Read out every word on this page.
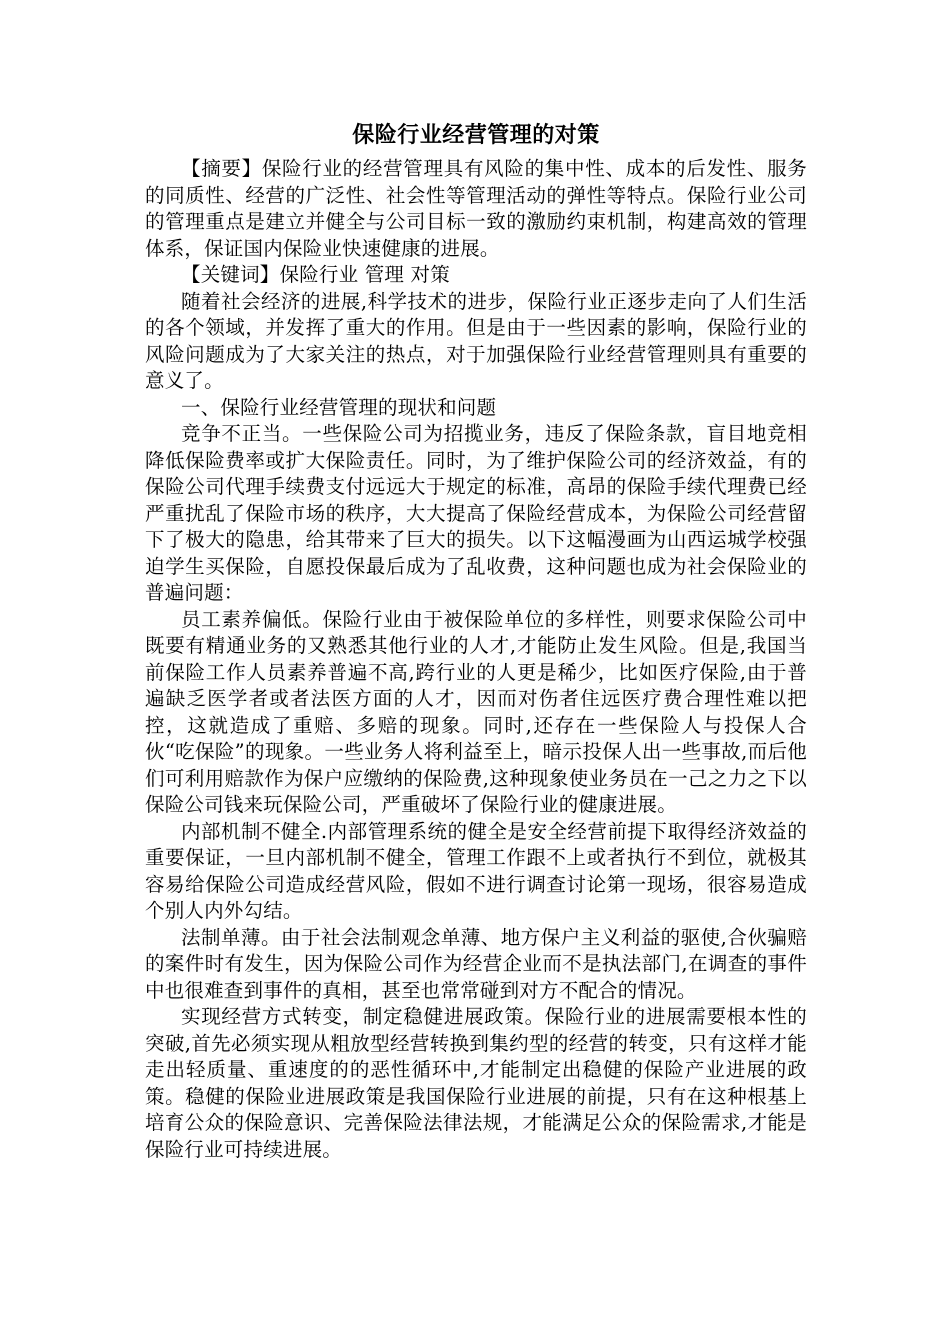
保险行业经营管理的对策

【摘要】保险行业的经营管理具有风险的集中性、成本的后发性、服务的同质性、经营的广泛性、社会性等管理活动的弹性等特点。保险行业公司的管理重点是建立并健全与公司目标一致的激励约束机制，构建高效的管理体系，保证国内保险业快速健康的进展。

【关键词】保险行业 管理 对策

随着社会经济的进展,科学技术的进步，保险行业正逐步走向了人们生活的各个领域，并发挥了重大的作用。但是由于一些因素的影响，保险行业的风险问题成为了大家关注的热点，对于加强保险行业经营管理则具有重要的意义了。

一、保险行业经营管理的现状和问题

竞争不正当。一些保险公司为招揽业务，违反了保险条款，盲目地竞相降低保险费率或扩大保险责任。同时，为了维护保险公司的经济效益，有的保险公司代理手续费支付远远大于规定的标准，高昂的保险手续代理费已经严重扰乱了保险市场的秩序，大大提高了保险经营成本，为保险公司经营留下了极大的隐患，给其带来了巨大的损失。以下这幅漫画为山西运城学校强迫学生买保险，自愿投保最后成为了乱收费，这种问题也成为社会保险业的普遍问题：

员工素养偏低。保险行业由于被保险单位的多样性，则要求保险公司中既要有精通业务的又熟悉其他行业的人才,才能防止发生风险。但是,我国当前保险工作人员素养普遍不高,跨行业的人更是稀少，比如医疗保险,由于普遍缺乏医学者或者法医方面的人才，因而对伤者住远医疗费合理性难以把控，这就造成了重赔、多赔的现象。同时,还存在一些保险人与投保人合伙“吃保险”的现象。一些业务人将利益至上，暗示投保人出一些事故,而后他们可利用赔款作为保户应缴纳的保险费,这种现象使业务员在一己之力之下以保险公司钱来玩保险公司，严重破坏了保险行业的健康进展。

内部机制不健全.内部管理系统的健全是安全经营前提下取得经济效益的重要保证，一旦内部机制不健全，管理工作跟不上或者执行不到位，就极其容易给保险公司造成经营风险，假如不进行调查讨论第一现场，很容易造成个别人内外勾结。

法制单薄。由于社会法制观念单薄、地方保户主义利益的驱使,合伙骗赔的案件时有发生，因为保险公司作为经营企业而不是执法部门,在调查的事件中也很难查到事件的真相，甚至也常常碰到对方不配合的情况。

实现经营方式转变，制定稳健进展政策。保险行业的进展需要根本性的突破,首先必须实现从粗放型经营转换到集约型的经营的转变，只有这样才能走出轻质量、重速度的的恶性循环中,才能制定出稳健的保险产业进展的政策。稳健的保险业进展政策是我国保险行业进展的前提，只有在这种根基上培育公众的保险意识、完善保险法律法规，才能满足公众的保险需求,才能是保险行业可持续进展。
